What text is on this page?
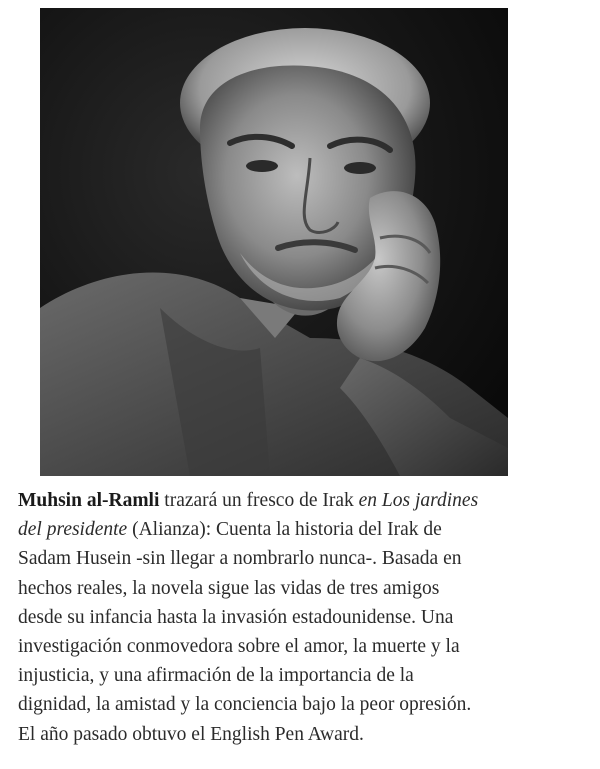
Muhsin al-Ramli trazará un fresco de Irak en Los jardines
del presidente (Alianza): Cuenta la historia del Irak de
Sadam Husein -sin llegar a nombrarlo nunca-. Basada en
hechos reales, la novela sigue las vidas de tres amigos
desde su infancia hasta la invasión estadounidense. Una
investigación conmovedora sobre el amor, la muerte y la
injusticia, y una afirmación de la importancia de la
dignidad, la amistad y la conciencia bajo la peor opresión.
El año pasado obtuvo el English Pen Award.
